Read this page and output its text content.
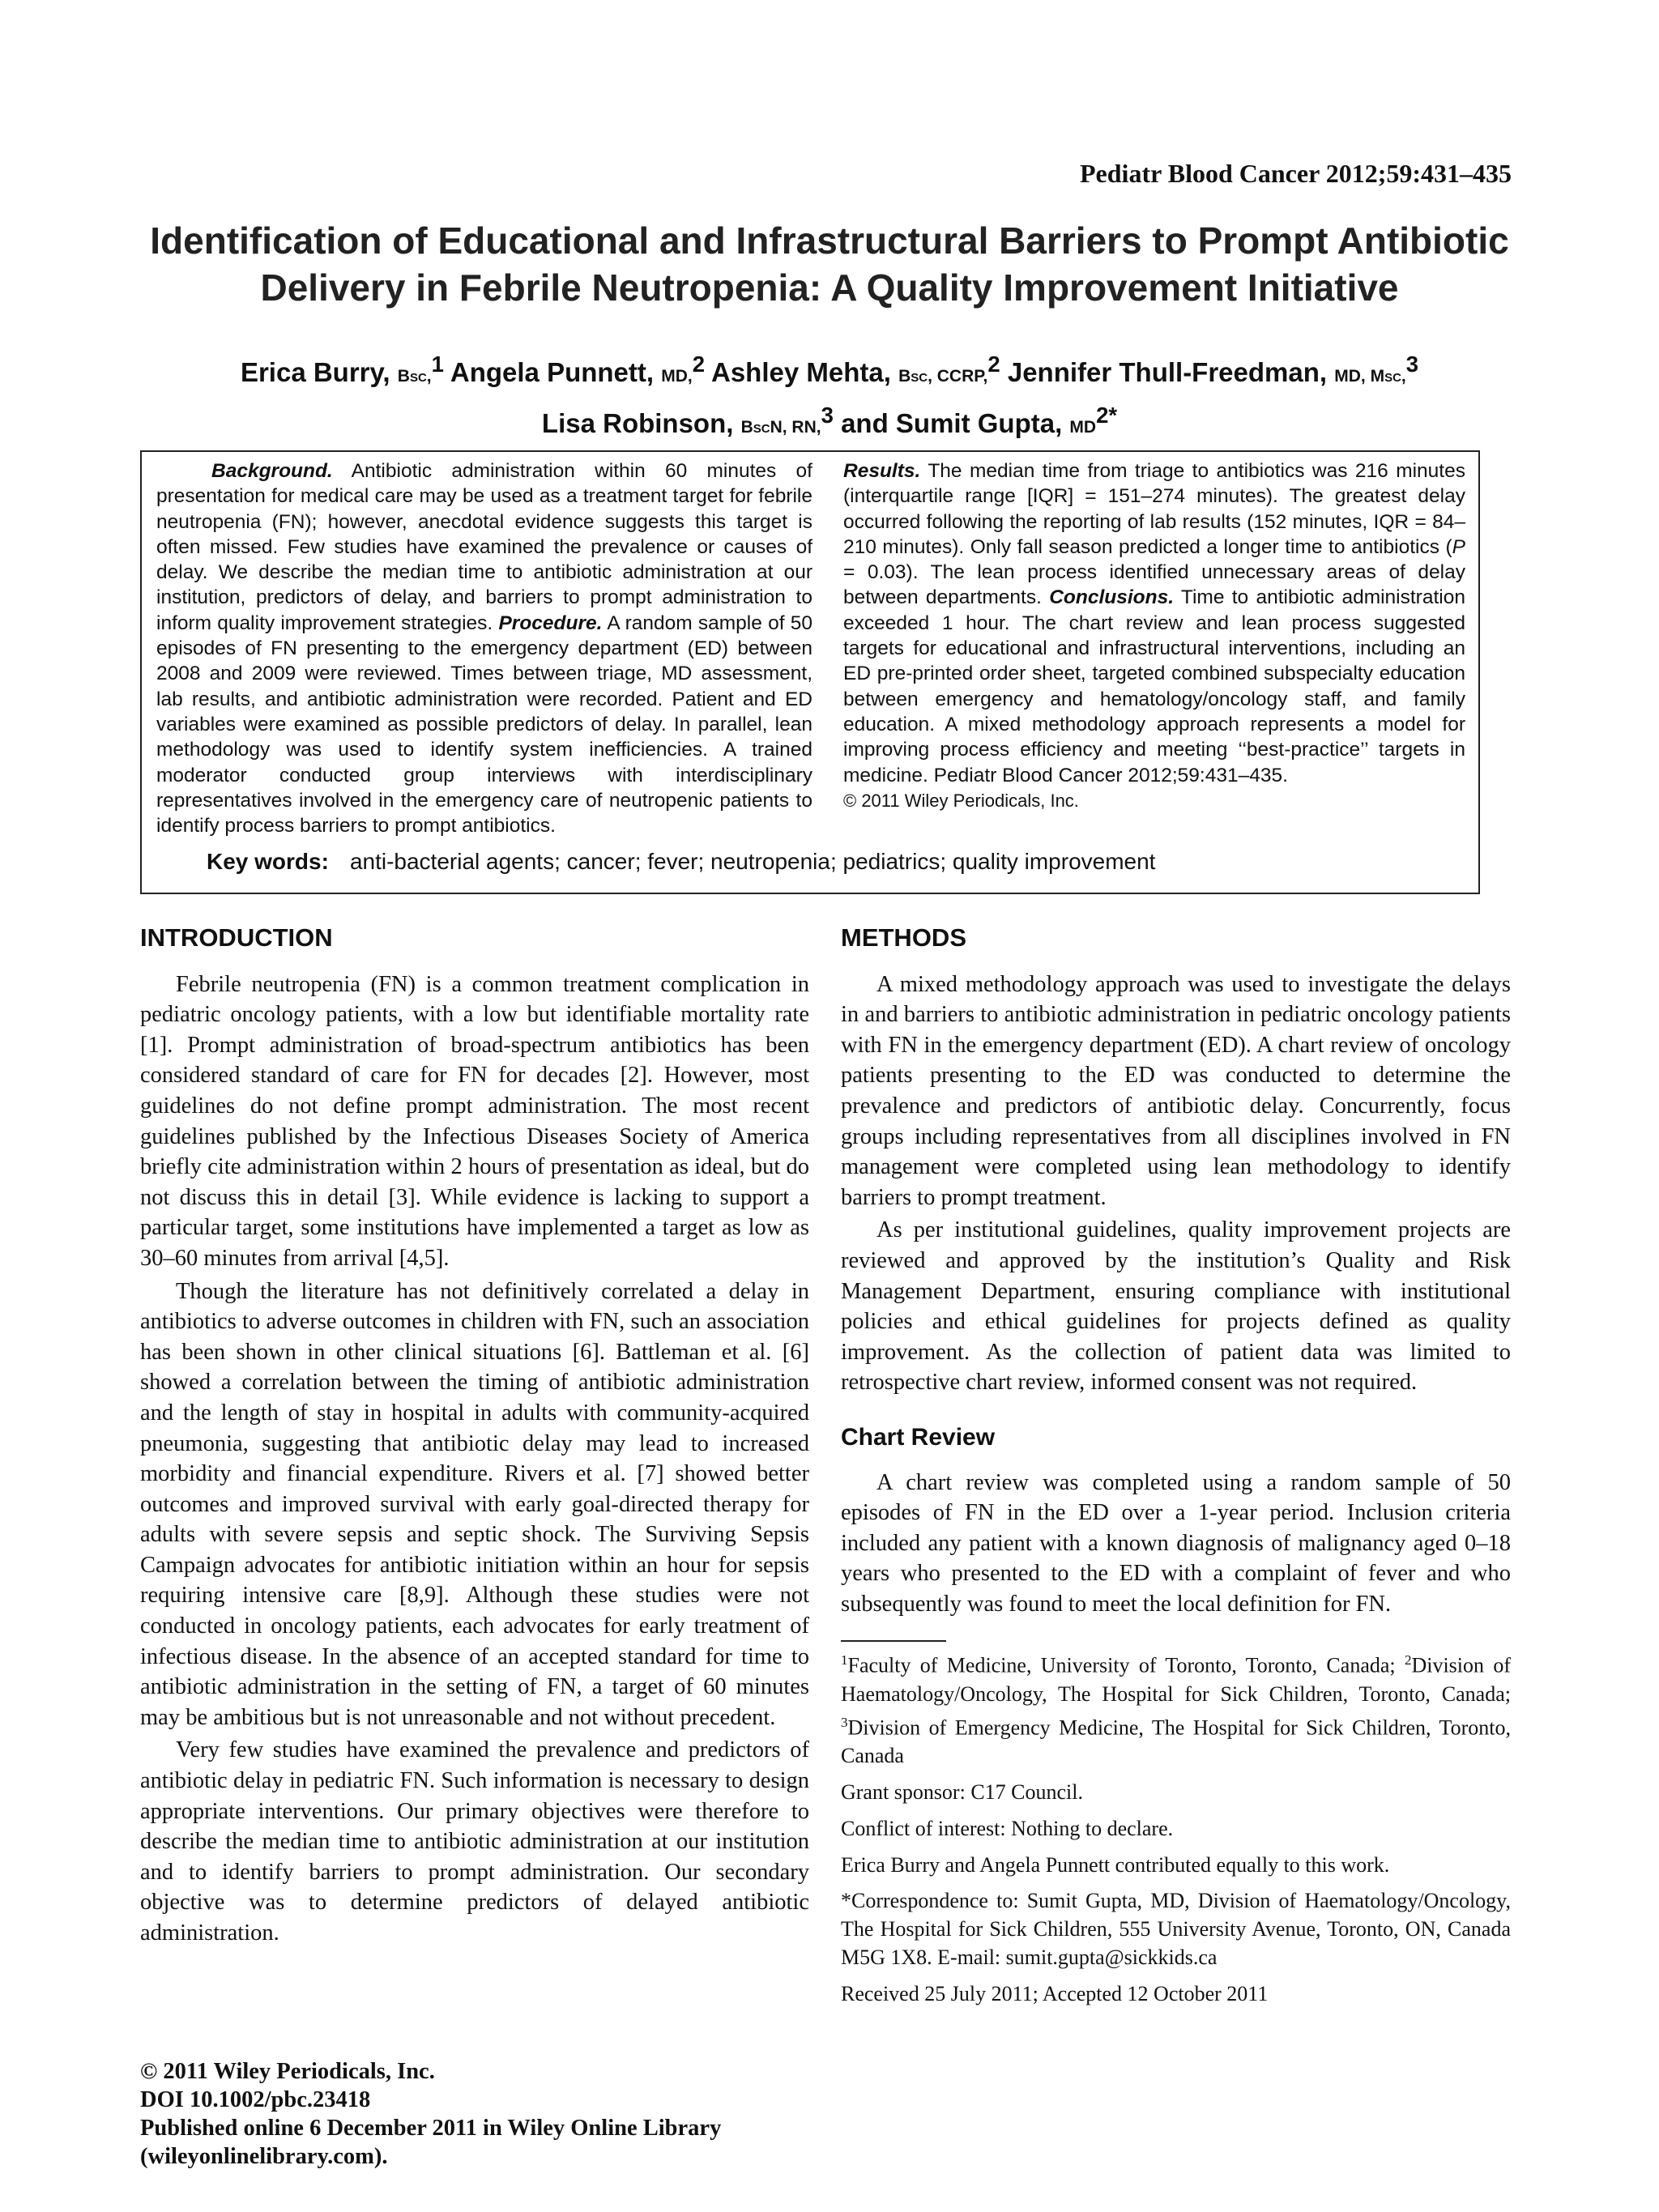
Pediatr Blood Cancer 2012;59:431–435
Identification of Educational and Infrastructural Barriers to Prompt Antibiotic
Delivery in Febrile Neutropenia: A Quality Improvement Initiative
Erica Burry, Bsc,$^1$ Angela Punnett, MD,$^2$ Ashley Mehta, Bsc, CCRP,$^2$ Jennifer Thull-Freedman, MD, Msc,$^3$
Lisa Robinson, BscN, RN,$^3$ and Sumit Gupta, $MD^{2*}$
Background. Antibiotic administration within 60 minutes of presentation for medical care may be used as a treatment target for febrile neutropenia (FN); however, anecdotal evidence suggests this target is often missed. Few studies have examined the prevalence or causes of delay. We describe the median time to antibiotic administration at our institution, predictors of delay, and barriers to prompt administration to inform quality improvement strategies. Procedure. A random sample of 50 episodes of FN presenting to the emergency department (ED) between 2008 and 2009 were reviewed. Times between triage, MD assessment, lab results, and antibiotic administration were recorded. Patient and ED variables were examined as possible predictors of delay. In parallel, lean methodology was used to identify system inefficiencies. A trained moderator conducted group interviews with interdisciplinary representatives involved in the emergency care of neutropenic patients to identify process barriers to prompt antibiotics.
Results. The median time from triage to antibiotics was 216 minutes (interquartile range [IQR] = 151–274 minutes). The greatest delay occurred following the reporting of lab results (152 minutes, IQR = 84–210 minutes). Only fall season predicted a longer time to antibiotics (P = 0.03). The lean process identified unnecessary areas of delay between departments. Conclusions. Time to antibiotic administration exceeded 1 hour. The chart review and lean process suggested targets for educational and infrastructural interventions, including an ED pre-printed order sheet, targeted combined subspecialty education between emergency and hematology/oncology staff, and family education. A mixed methodology approach represents a model for improving process efficiency and meeting ‘‘best-practice’’ targets in medicine. Pediatr Blood Cancer 2012;59:431–435.
© 2011 Wiley Periodicals, Inc.
Key words: anti-bacterial agents; cancer; fever; neutropenia; pediatrics; quality improvement
INTRODUCTION

Febrile neutropenia (FN) is a common treatment complication in pediatric oncology patients, with a low but identifiable mortality rate [1]. Prompt administration of broad-spectrum antibiotics has been considered standard of care for FN for decades [2]. However, most guidelines do not define prompt administration. The most recent guidelines published by the Infectious Diseases Society of America briefly cite administration within 2 hours of presentation as ideal, but do not discuss this in detail [3]. While evidence is lacking to support a particular target, some institutions have implemented a target as low as 30–60 minutes from arrival [4,5].

Though the literature has not definitively correlated a delay in antibiotics to adverse outcomes in children with FN, such an association has been shown in other clinical situations [6]. Battleman et al. [6] showed a correlation between the timing of antibiotic administration and the length of stay in hospital in adults with community-acquired pneumonia, suggesting that antibiotic delay may lead to increased morbidity and financial expenditure. Rivers et al. [7] showed better outcomes and improved survival with early goal-directed therapy for adults with severe sepsis and septic shock. The Surviving Sepsis Campaign advocates for antibiotic initiation within an hour for sepsis requiring intensive care [8,9]. Although these studies were not conducted in oncology patients, each advocates for early treatment of infectious disease. In the absence of an accepted standard for time to antibiotic administration in the setting of FN, a target of 60 minutes may be ambitious but is not unreasonable and not without precedent.

Very few studies have examined the prevalence and predictors of antibiotic delay in pediatric FN. Such information is necessary to design appropriate interventions. Our primary objectives were therefore to describe the median time to antibiotic administration at our institution and to identify barriers to prompt administration. Our secondary objective was to determine predictors of delayed antibiotic administration.

METHODS

A mixed methodology approach was used to investigate the delays in and barriers to antibiotic administration in pediatric oncology patients with FN in the emergency department (ED). A chart review of oncology patients presenting to the ED was conducted to determine the prevalence and predictors of antibiotic delay. Concurrently, focus groups including representatives from all disciplines involved in FN management were completed using lean methodology to identify barriers to prompt treatment.

As per institutional guidelines, quality improvement projects are reviewed and approved by the institution’s Quality and Risk Management Department, ensuring compliance with institutional policies and ethical guidelines for projects defined as quality improvement. As the collection of patient data was limited to retrospective chart review, informed consent was not required.

Chart Review

A chart review was completed using a random sample of 50 episodes of FN in the ED over a 1-year period. Inclusion criteria included any patient with a known diagnosis of malignancy aged 0–18 years who presented to the ED with a complaint of fever and who subsequently was found to meet the local definition for FN.

$^1$Faculty of Medicine, University of Toronto, Toronto, Canada; $^2$Division of Haematology/Oncology, The Hospital for Sick Children, Toronto, Canada; $^3$Division of Emergency Medicine, The Hospital for Sick Children, Toronto, Canada
Grant sponsor: C17 Council.
Conflict of interest: Nothing to declare.
Erica Burry and Angela Punnett contributed equally to this work.
*Correspondence to: Sumit Gupta, MD, Division of Haematology/Oncology, The Hospital for Sick Children, 555 University Avenue, Toronto, ON, Canada M5G 1X8. E-mail: sumit.gupta@sickkids.ca
Received 25 July 2011; Accepted 12 October 2011
© 2011 Wiley Periodicals, Inc.
DOI 10.1002/pbc.23418
Published online 6 December 2011 in Wiley Online Library
(wileyonlinelibrary.com).
